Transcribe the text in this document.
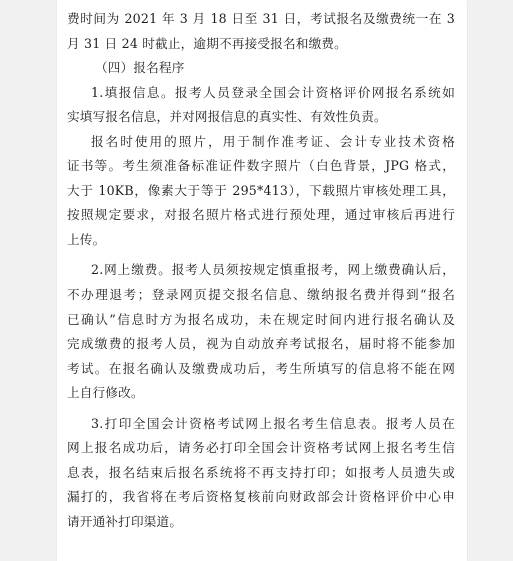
费时间为 2021 年 3 月 18 日至 31 日，考试报名及缴费统一在 3
月 31 日 24 时截止，逾期不再接受报名和缴费。
（四）报名程序
1.填报信息。报考人员登录全国会计资格评价网报名系统如
实填写报名信息，并对网报信息的真实性、有效性负责。
报名时使用的照片，用于制作准考证、会计专业技术资格
证书等。考生须准备标准证件数字照片（白色背景，JPG 格式，
大于 10KB，像素大于等于 295*413），下载照片审核处理工具，
按照规定要求，对报名照片格式进行预处理，通过审核后再进行
上传。
2.网上缴费。报考人员须按规定慎重报考，网上缴费确认后，
不办理退考；登录网页提交报名信息、缴纳报名费并得到“报名
已确认”信息时方为报名成功，未在规定时间内进行报名确认及
完成缴费的报考人员，视为自动放弃考试报名，届时将不能参加
考试。在报名确认及缴费成功后，考生所填写的信息将不能在网
上自行修改。
3.打印全国会计资格考试网上报名考生信息表。报考人员在
网上报名成功后，请务必打印全国会计资格考试网上报名考生信
息表，报名结束后报名系统将不再支持打印；如报考人员遗失或
漏打的，我省将在考后资格复核前向财政部会计资格评价中心申
请开通补打印渠道。
